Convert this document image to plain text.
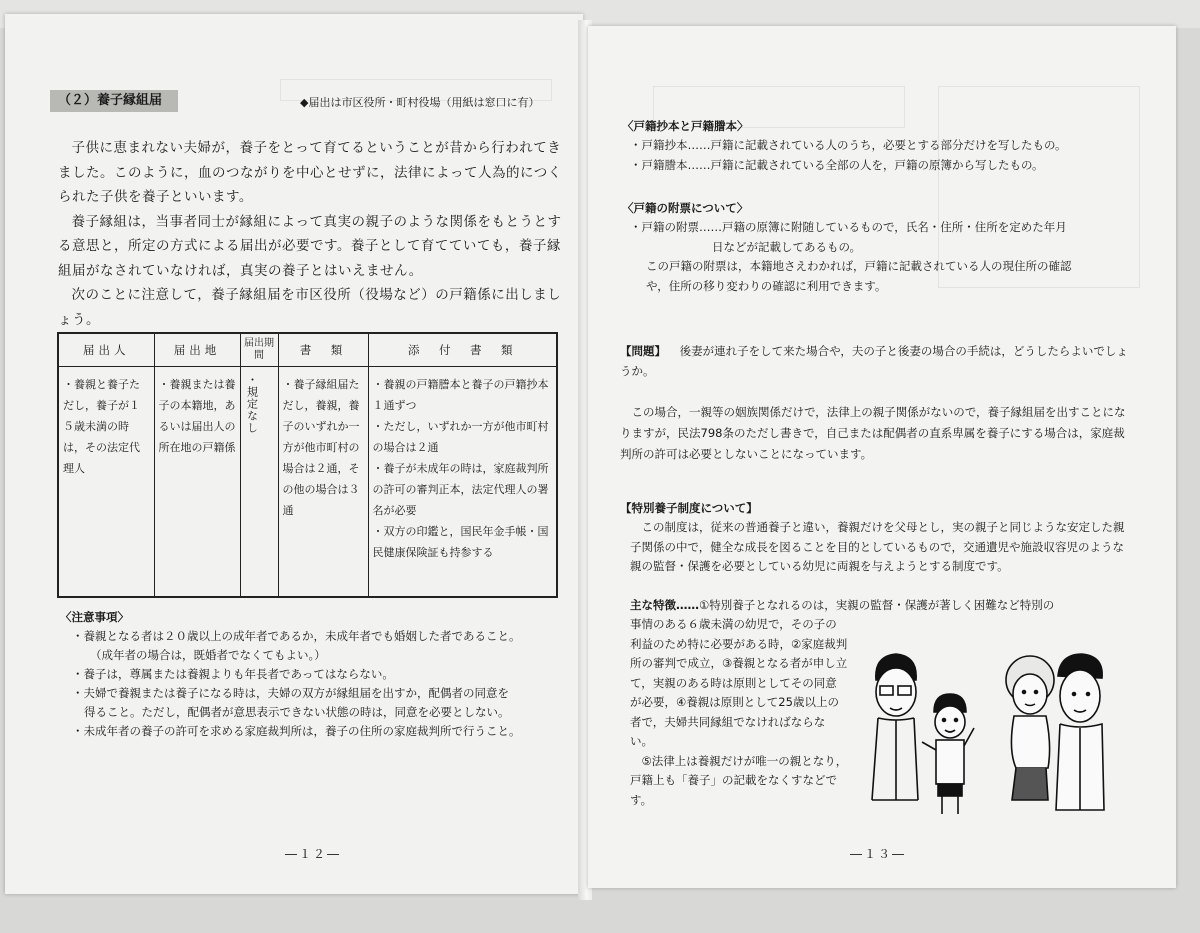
（２）養子縁組届	◆届出は市区役所・町村役場（用紙は窓口に有）

子供に恵まれない夫婦が，養子をとって育てるということが昔から行われてきました。このように，血のつながりを中心とせずに，法律によって人為的につくられた子供を養子といいます。

養子縁組は，当事者同士が縁組によって真実の親子のような関係をもとうとする意思と，所定の方式による届出が必要です。養子として育てていても，養子縁組届がなされていなければ，真実の養子とはいえません。

次のことに注意して，養子縁組届を市区役所（役場など）の戸籍係に出しましょう。

届出人	届出地	届出期間	書　類	添　付　書　類

・養親と養子ただし，養子が１５歳未満の時は，その法定代理人	・養親または養子の本籍地，あるいは届出人の所在地の戸籍係	・規定なし	・養子縁組届ただし，養親，養子のいずれか一方が他市町村の場合は２通，その他の場合は３通	・養親の戸籍謄本と養子の戸籍抄本１通ずつ
・ただし，いずれか一方が他市町村の場合は２通
・養子が未成年の時は，家庭裁判所の許可の審判正本，法定代理人の署名が必要
・双方の印鑑と，国民年金手帳・国民健康保険証も持参する
〈注意事項〉
・養親となる者は２０歳以上の成年者であるか，未成年者でも婚姻した者であること。
（成年者の場合は，既婚者でなくてもよい。）
・養子は，尊属または養親よりも年長者であってはならない。
・夫婦で養親または養子になる時は，夫婦の双方が縁組届を出すか，配偶者の同意を
得ること。ただし，配偶者が意思表示できない状態の時は，同意を必要としない。
・未成年者の養子の許可を求める家庭裁判所は，養子の住所の家庭裁判所で行うこと。
―１２―
〈戸籍抄本と戸籍謄本〉
・戸籍抄本……戸籍に記載されている人のうち，必要とする部分だけを写したもの。
・戸籍謄本……戸籍に記載されている全部の人を，戸籍の原簿から写したもの。
〈戸籍の附票について〉
・戸籍の附票……戸籍の原簿に附随しているもので，氏名・住所・住所を定めた年月
日などが記載してあるもの。
この戸籍の附票は，本籍地さえわかれば，戸籍に記載されている人の現住所の確認
や，住所の移り変わりの確認に利用できます。
【問題】 後妻が連れ子をして来た場合や，夫の子と後妻の場合の手続は，どうしたらよいでしょうか。
この場合，一親等の姻族関係だけで，法律上の親子関係がないので，養子縁組届を出すことになりますが，民法798条のただし書きで，自己または配偶者の直系卑属を養子にする場合は，家庭裁判所の許可は必要としないことになっています。
【特別養子制度について】
この制度は，従来の普通養子と違い，養親だけを父母とし，実の親子と同じような安定した親子関係の中で，健全な成長を図ることを目的としているもので，交通遺児や施設収容児のような親の監督・保護を必要としている幼児に両親を与えようとする制度です。
主な特徴……①特別養子となれるのは，実親の監督・保護が著しく困難など特別の
事情のある６歳未満の幼児で，その子の利益のため特に必要がある時，②家庭裁判所の審判で成立，③養親となる者が申し立て，実親のある時は原則としてその同意が必要，④養親は原則として25歳以上の者で，夫婦共同縁組でなければならない。
⑤法律上は養親だけが唯一の親となり，戸籍上も「養子」の記載をなくすなどです。
―１３―
